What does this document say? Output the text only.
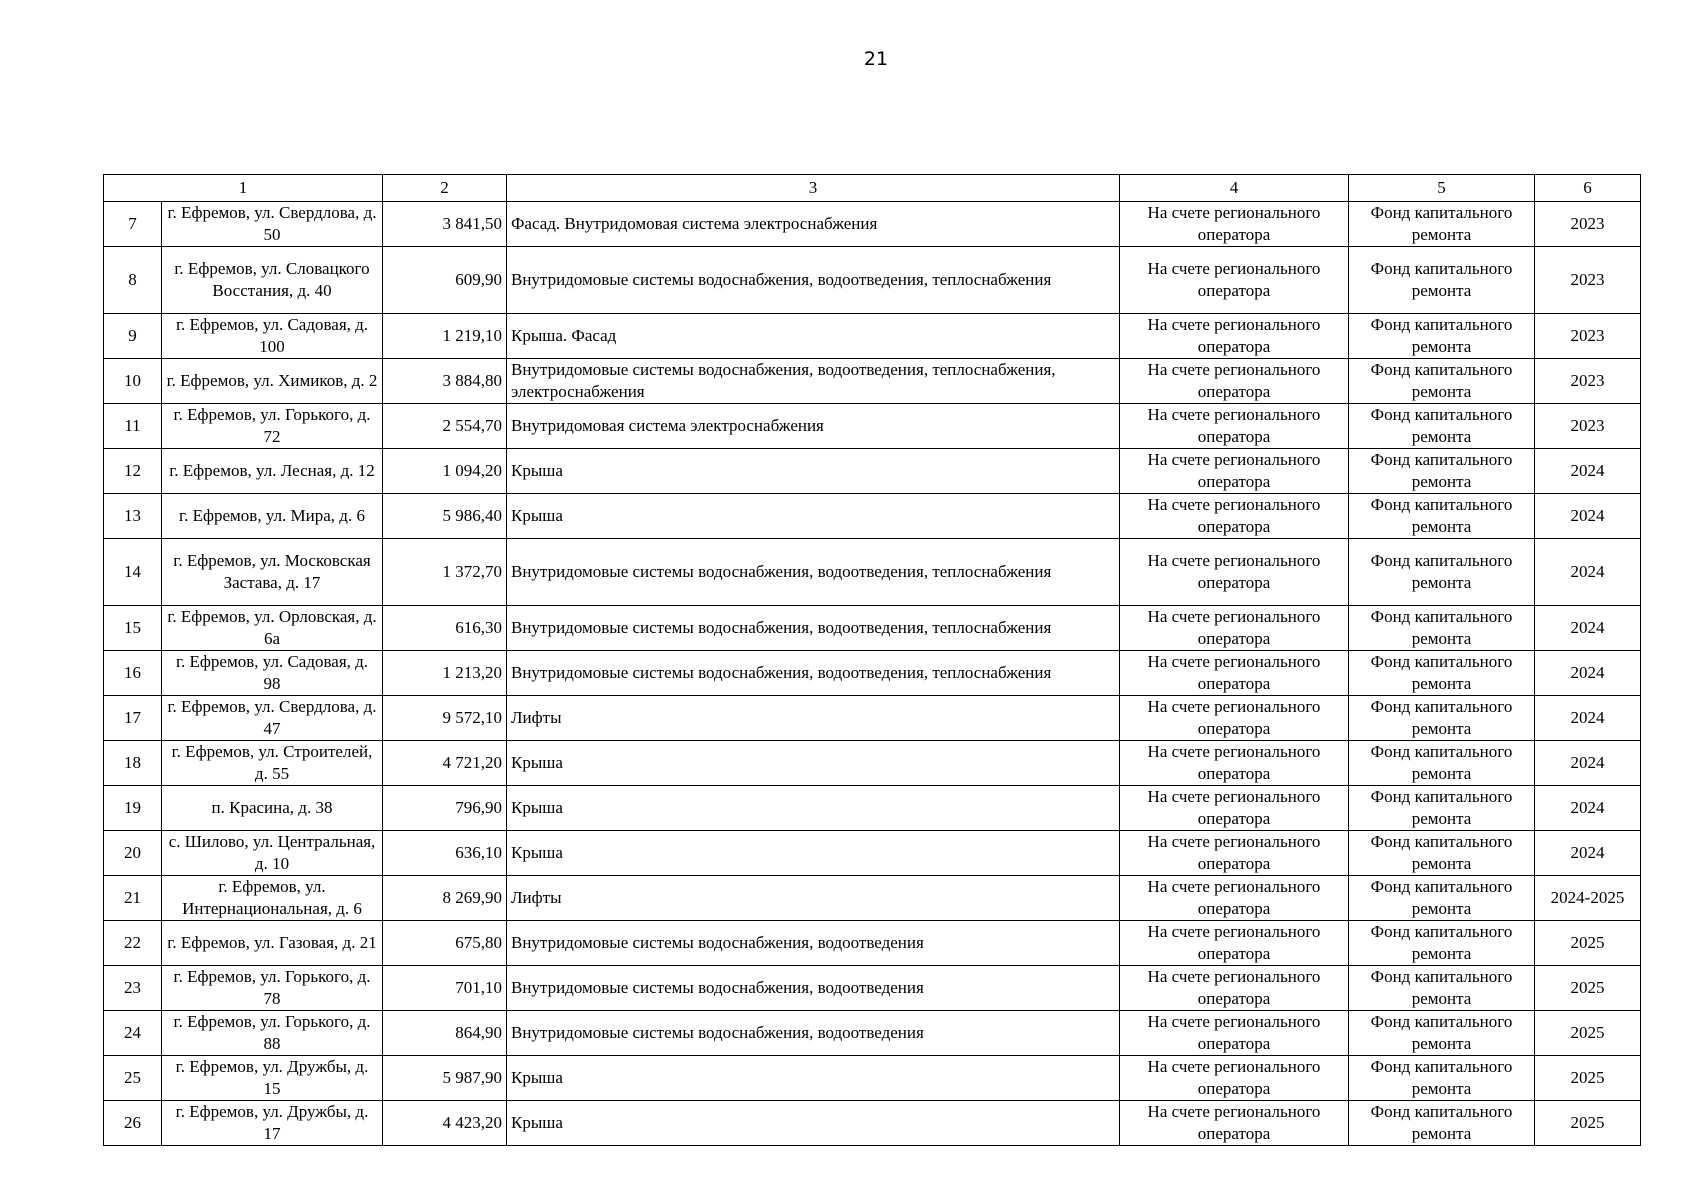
21
1		2	3	4	5	6
7	г. Ефремов, ул. Свердлова, д. 50	3 841,50	Фасад. Внутридомовая система электроснабжения	На счете регионального оператора	Фонд капитального ремонта	2023
8	г. Ефремов, ул. Словацкого Восстания, д. 40	609,90	Внутридомовые системы водоснабжения, водоотведения, теплоснабжения	На счете регионального оператора	Фонд капитального ремонта	2023
9	г. Ефремов, ул. Садовая, д. 100	1 219,10	Крыша. Фасад	На счете регионального оператора	Фонд капитального ремонта	2023
10	г. Ефремов, ул. Химиков, д. 2	3 884,80	Внутридомовые системы водоснабжения, водоотведения, теплоснабжения, электроснабжения	На счете регионального оператора	Фонд капитального ремонта	2023
11	г. Ефремов, ул. Горького, д. 72	2 554,70	Внутридомовая система электроснабжения	На счете регионального оператора	Фонд капитального ремонта	2023
12	г. Ефремов, ул. Лесная, д. 12	1 094,20	Крыша	На счете регионального оператора	Фонд капитального ремонта	2024
13	г. Ефремов, ул. Мира, д. 6	5 986,40	Крыша	На счете регионального оператора	Фонд капитального ремонта	2024
14	г. Ефремов, ул. Московская Застава, д. 17	1 372,70	Внутридомовые системы водоснабжения, водоотведения, теплоснабжения	На счете регионального оператора	Фонд капитального ремонта	2024
15	г. Ефремов, ул. Орловская, д. 6а	616,30	Внутридомовые системы водоснабжения, водоотведения, теплоснабжения	На счете регионального оператора	Фонд капитального ремонта	2024
16	г. Ефремов, ул. Садовая, д. 98	1 213,20	Внутридомовые системы водоснабжения, водоотведения, теплоснабжения	На счете регионального оператора	Фонд капитального ремонта	2024
17	г. Ефремов, ул. Свердлова, д. 47	9 572,10	Лифты	На счете регионального оператора	Фонд капитального ремонта	2024
18	г. Ефремов, ул. Строителей, д. 55	4 721,20	Крыша	На счете регионального оператора	Фонд капитального ремонта	2024
19	п. Красина, д. 38	796,90	Крыша	На счете регионального оператора	Фонд капитального ремонта	2024
20	с. Шилово, ул. Центральная, д. 10	636,10	Крыша	На счете регионального оператора	Фонд капитального ремонта	2024
21	г. Ефремов, ул. Интернациональная, д. 6	8 269,90	Лифты	На счете регионального оператора	Фонд капитального ремонта	2024-2025
22	г. Ефремов, ул. Газовая, д. 21	675,80	Внутридомовые системы водоснабжения, водоотведения	На счете регионального оператора	Фонд капитального ремонта	2025
23	г. Ефремов, ул. Горького, д. 78	701,10	Внутридомовые системы водоснабжения, водоотведения	На счете регионального оператора	Фонд капитального ремонта	2025
24	г. Ефремов, ул. Горького, д. 88	864,90	Внутридомовые системы водоснабжения, водоотведения	На счете регионального оператора	Фонд капитального ремонта	2025
25	г. Ефремов, ул. Дружбы, д. 15	5 987,90	Крыша	На счете регионального оператора	Фонд капитального ремонта	2025
26	г. Ефремов, ул. Дружбы, д. 17	4 423,20	Крыша	На счете регионального оператора	Фонд капитального ремонта	2025
